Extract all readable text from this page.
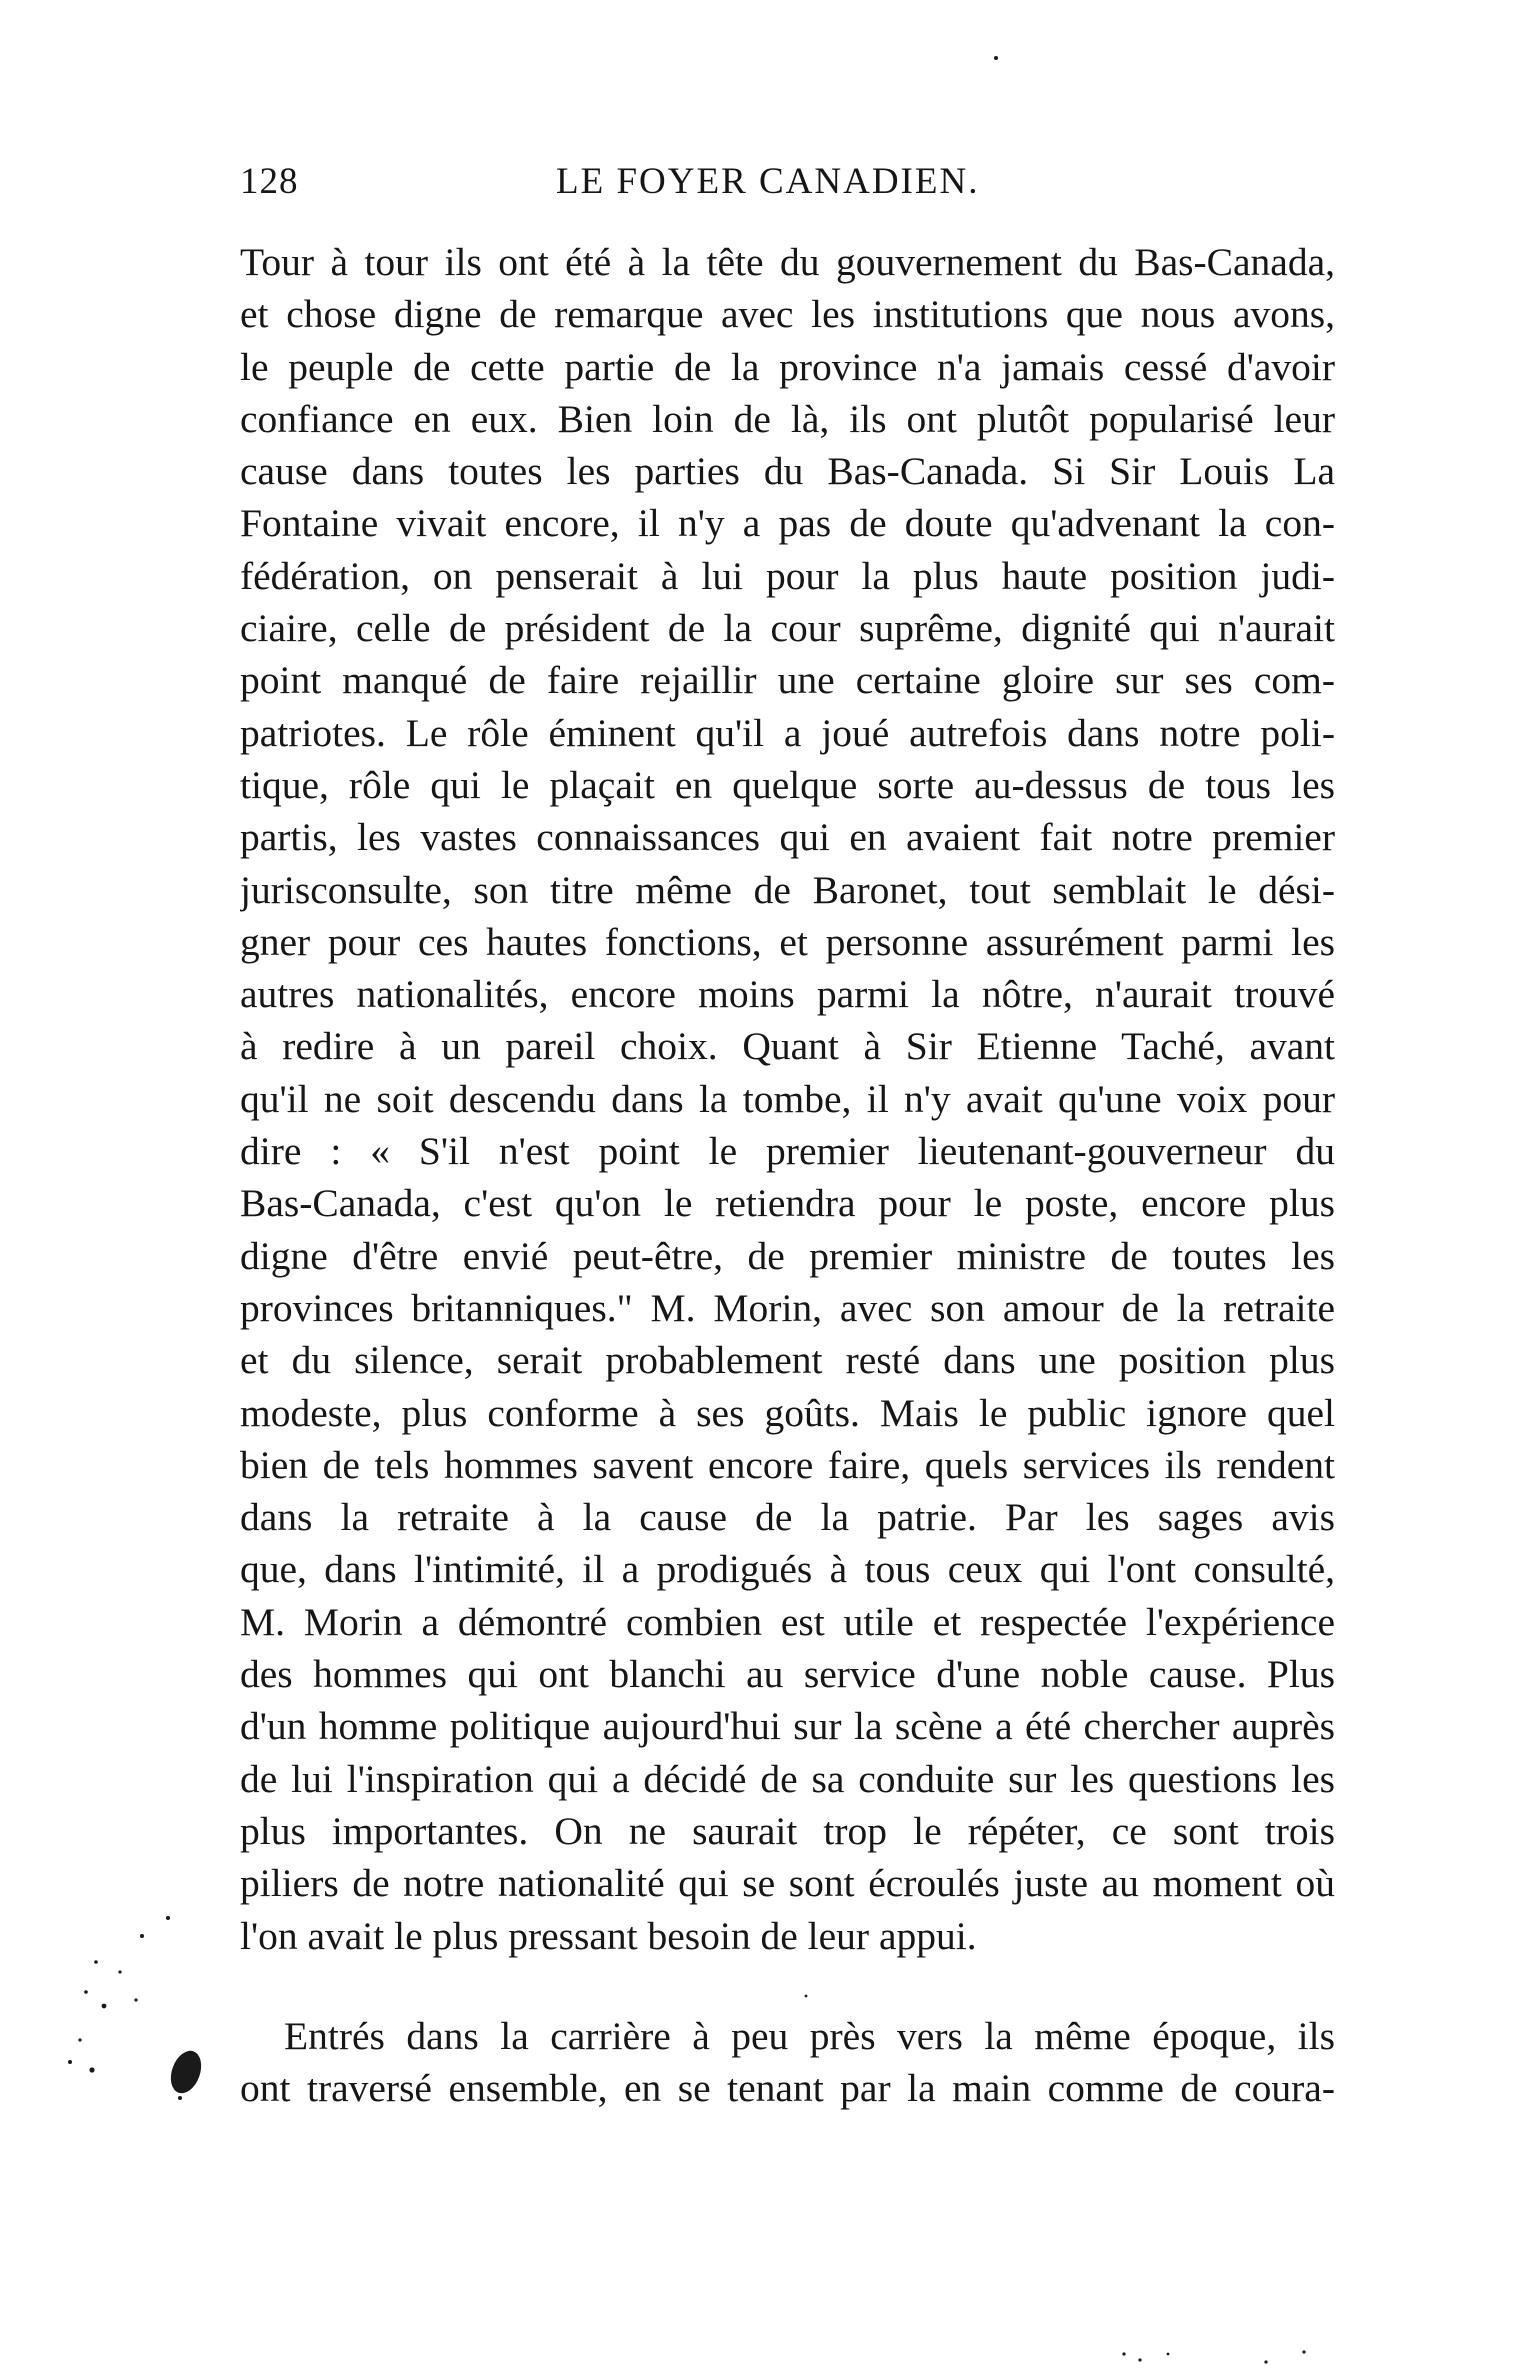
128	LE FOYER CANADIEN.
Tour à tour ils ont été à la tête du gouvernement du Bas-Canada,
et chose digne de remarque avec les institutions que nous avons,
le peuple de cette partie de la province n'a jamais cessé d'avoir
confiance en eux. Bien loin de là, ils ont plutôt popularisé leur
cause dans toutes les parties du Bas-Canada. Si Sir Louis La
Fontaine vivait encore, il n'y a pas de doute qu'advenant la con-
fédération, on penserait à lui pour la plus haute position judi-
ciaire, celle de président de la cour suprême, dignité qui n'aurait
point manqué de faire rejaillir une certaine gloire sur ses com-
patriotes. Le rôle éminent qu'il a joué autrefois dans notre poli-
tique, rôle qui le plaçait en quelque sorte au-dessus de tous les
partis, les vastes connaissances qui en avaient fait notre premier
jurisconsulte, son titre même de Baronet, tout semblait le dési-
gner pour ces hautes fonctions, et personne assurément parmi les
autres nationalités, encore moins parmi la nôtre, n'aurait trouvé
à redire à un pareil choix. Quant à Sir Etienne Taché, avant
qu'il ne soit descendu dans la tombe, il n'y avait qu'une voix pour
dire : « S'il n'est point le premier lieutenant-gouverneur du
Bas-Canada, c'est qu'on le retiendra pour le poste, encore plus
digne d'être envié peut-être, de premier ministre de toutes les
provinces britanniques." M. Morin, avec son amour de la retraite
et du silence, serait probablement resté dans une position plus
modeste, plus conforme à ses goûts. Mais le public ignore quel
bien de tels hommes savent encore faire, quels services ils rendent
dans la retraite à la cause de la patrie. Par les sages avis
que, dans l'intimité, il a prodigués à tous ceux qui l'ont consulté,
M. Morin a démontré combien est utile et respectée l'expérience
des hommes qui ont blanchi au service d'une noble cause. Plus
d'un homme politique aujourd'hui sur la scène a été chercher auprès
de lui l'inspiration qui a décidé de sa conduite sur les questions les
plus importantes. On ne saurait trop le répéter, ce sont trois
piliers de notre nationalité qui se sont écroulés juste au moment où
l'on avait le plus pressant besoin de leur appui.
Entrés dans la carrière à peu près vers la même époque, ils
ont traversé ensemble, en se tenant par la main comme de coura-
